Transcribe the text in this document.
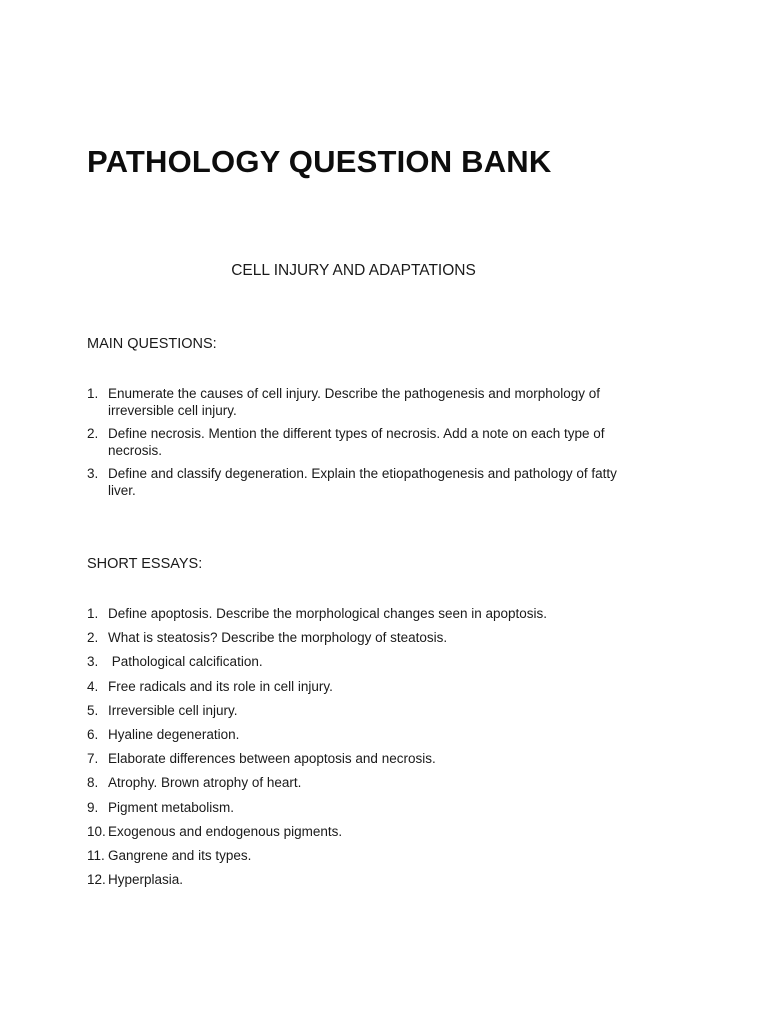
PATHOLOGY QUESTION BANK
CELL INJURY AND ADAPTATIONS
MAIN QUESTIONS:
1. Enumerate the causes of cell injury. Describe the pathogenesis and morphology of irreversible cell injury.
2. Define necrosis. Mention the different types of necrosis. Add a note on each type of necrosis.
3. Define and classify degeneration. Explain the etiopathogenesis and pathology of fatty liver.
SHORT ESSAYS:
1. Define apoptosis. Describe the morphological changes seen in apoptosis.
2. What is steatosis? Describe the morphology of steatosis.
3. Pathological calcification.
4. Free radicals and its role in cell injury.
5. Irreversible cell injury.
6. Hyaline degeneration.
7. Elaborate differences between apoptosis and necrosis.
8. Atrophy. Brown atrophy of heart.
9. Pigment metabolism.
10. Exogenous and endogenous pigments.
11. Gangrene and its types.
12. Hyperplasia.
